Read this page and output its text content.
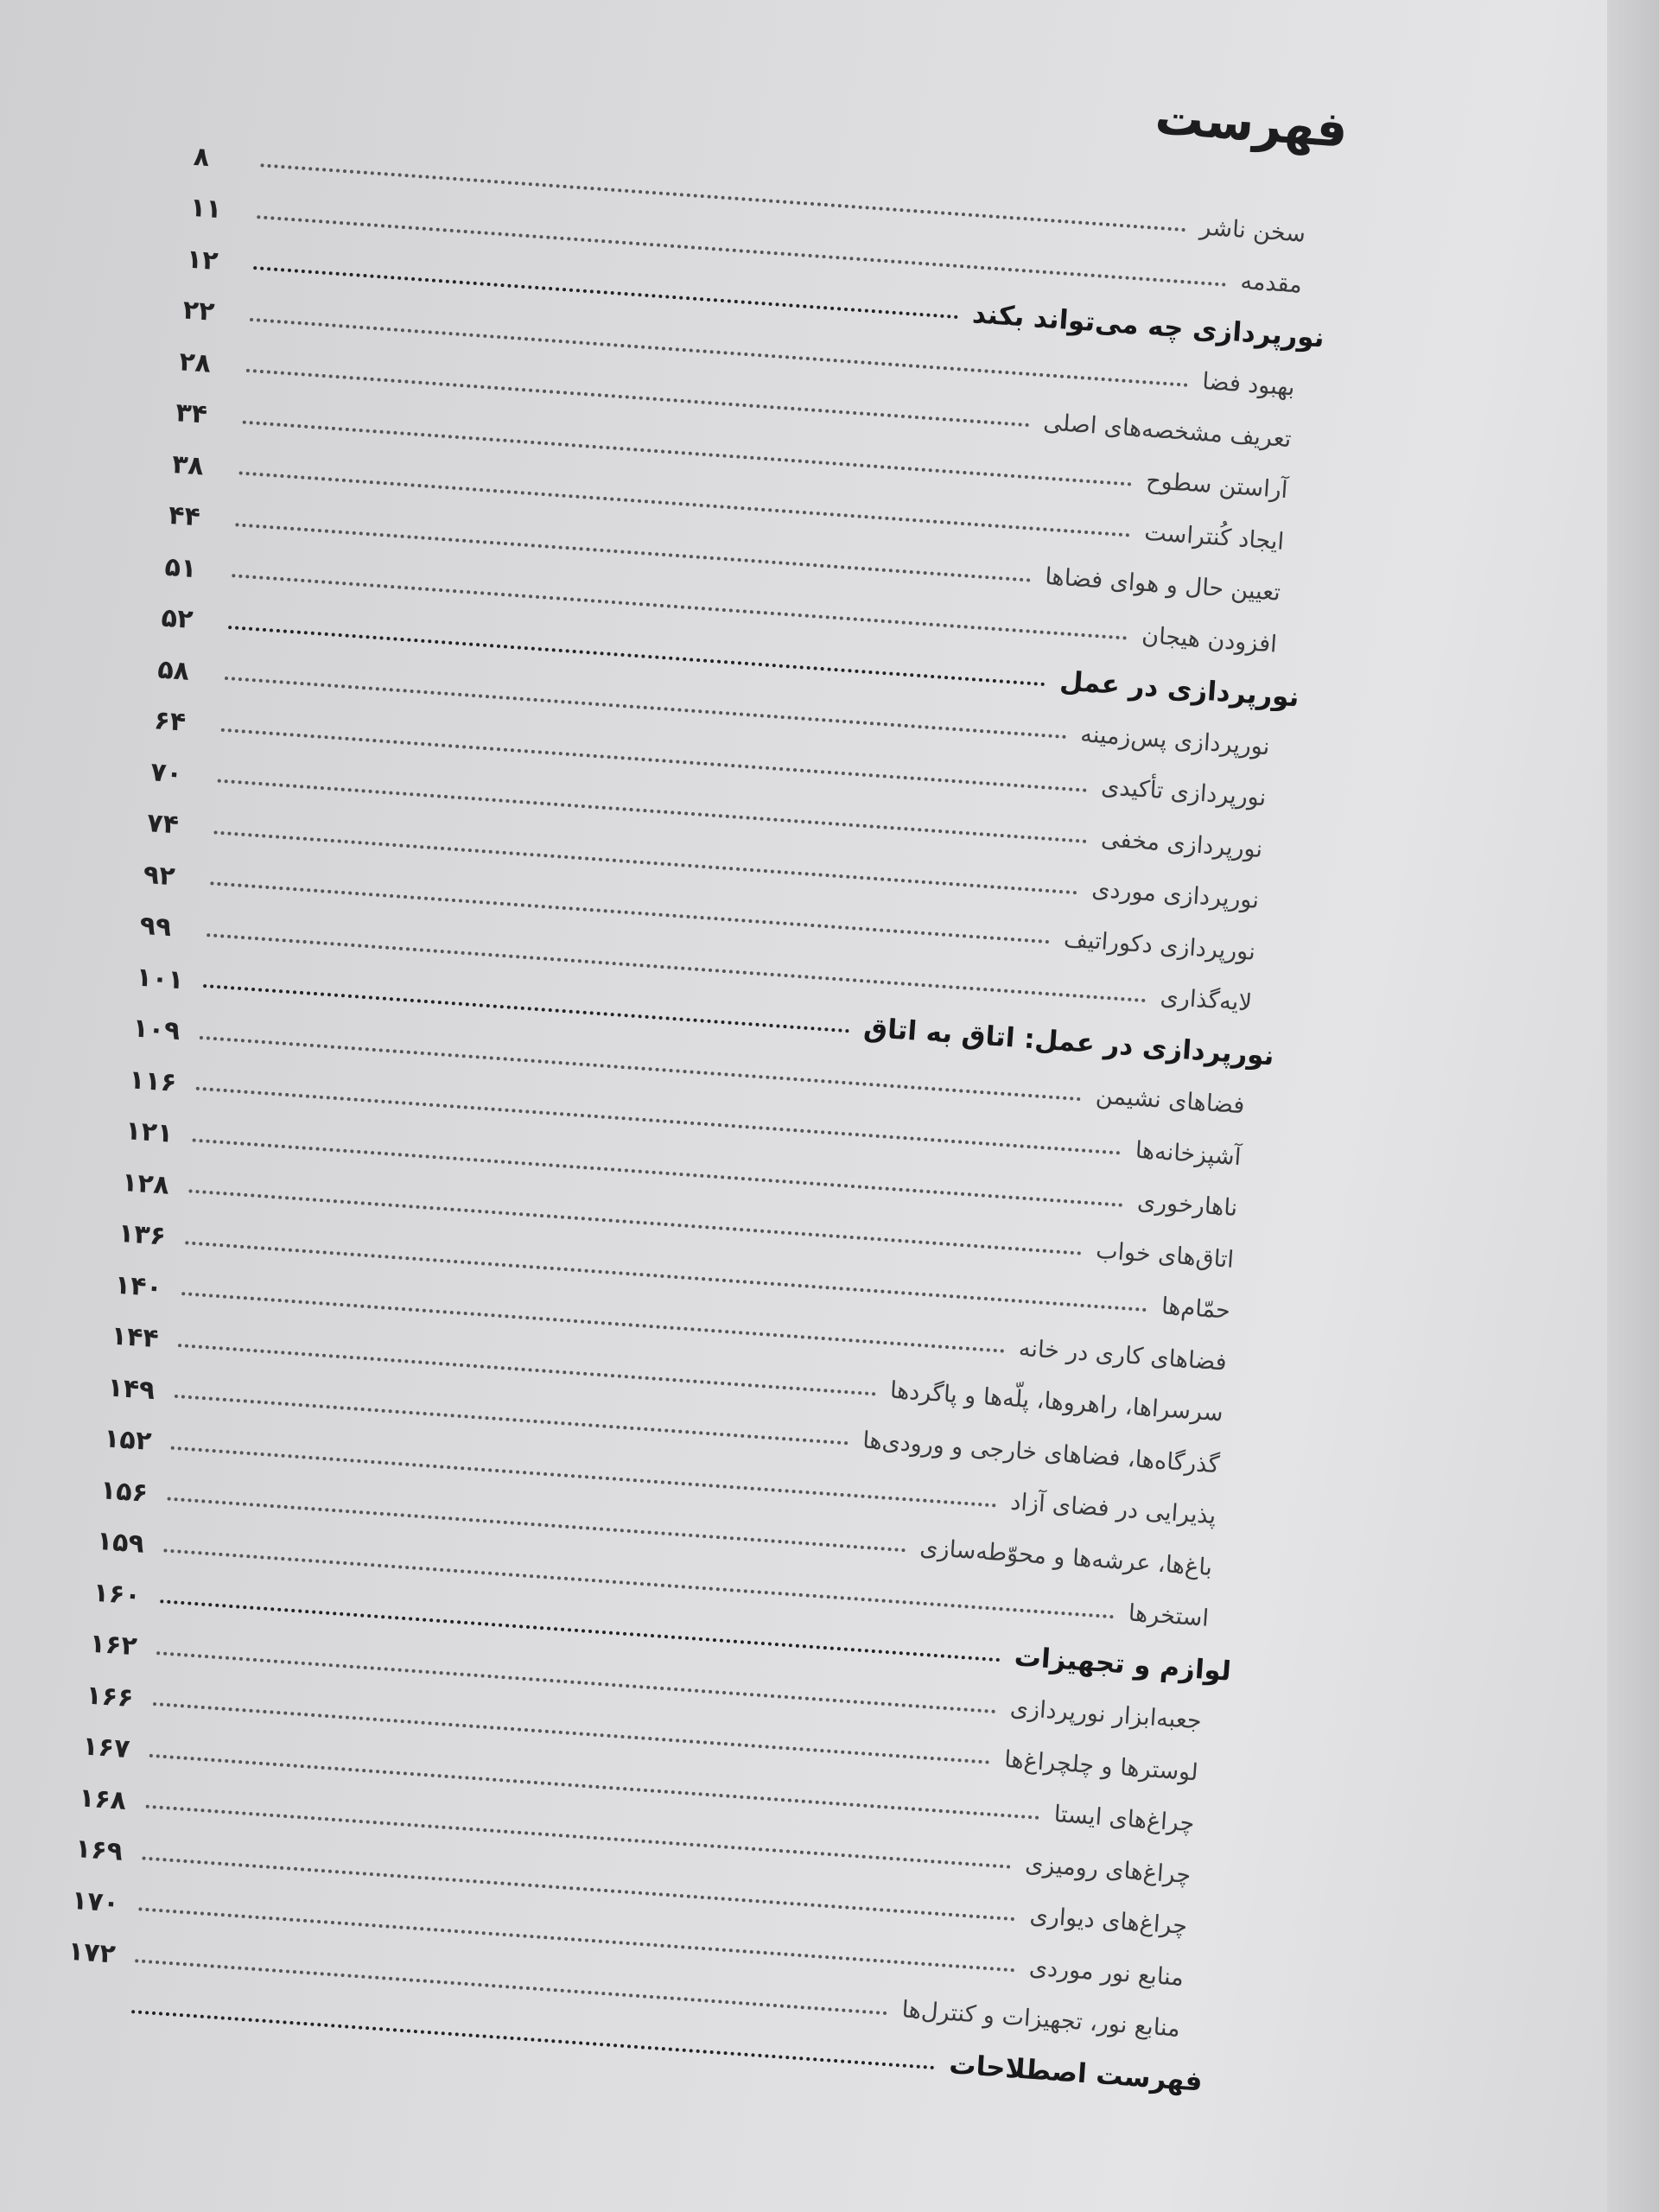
فهرست
سخن ناشر
۸
مقدمه
۱۱
نورپردازی چه می‌تواند بکند
۱۲
بهبود فضا
۲۲
تعریف مشخصه‌های اصلی
۲۸
آراستن سطوح
۳۴
ایجاد کُنتراست
۳۸
تعیین حال و هوای فضاها
۴۴
افزودن هیجان
۵۱
نورپردازی در عمل
۵۲
نورپردازی پس‌زمینه
۵۸
نورپردازی تأکیدی
۶۴
نورپردازی مخفی
۷۰
نورپردازی موردی
۷۴
نورپردازی دکوراتیف
۹۲
لایه‌گذاری
۹۹
نورپردازی در عمل: اتاق به اتاق
۱۰۱
فضاهای نشیمن
۱۰۹
آشپزخانه‌ها
۱۱۶
ناهارخوری
۱۲۱
اتاق‌های خواب
۱۲۸
حمّام‌ها
۱۳۶
فضاهای کاری در خانه
۱۴۰
سرسراها، راهروها، پلّه‌ها و پاگردها
۱۴۴
گذرگاه‌ها، فضاهای خارجی و ورودی‌ها
۱۴۹
پذیرایی در فضای آزاد
۱۵۲
باغ‌ها، عرشه‌ها و محوّطه‌سازی
۱۵۶
استخرها
۱۵۹
لوازم و تجهیزات
۱۶۰
جعبه‌ابزار نورپردازی
۱۶۲
لوسترها و چلچراغ‌ها
۱۶۶
چراغ‌های ایستا
۱۶۷
چراغ‌های رومیزی
۱۶۸
چراغ‌های دیواری
۱۶۹
منابع نور موردی
۱۷۰
منابع نور، تجهیزات و کنترل‌ها
۱۷۲
فهرست اصطلاحات
